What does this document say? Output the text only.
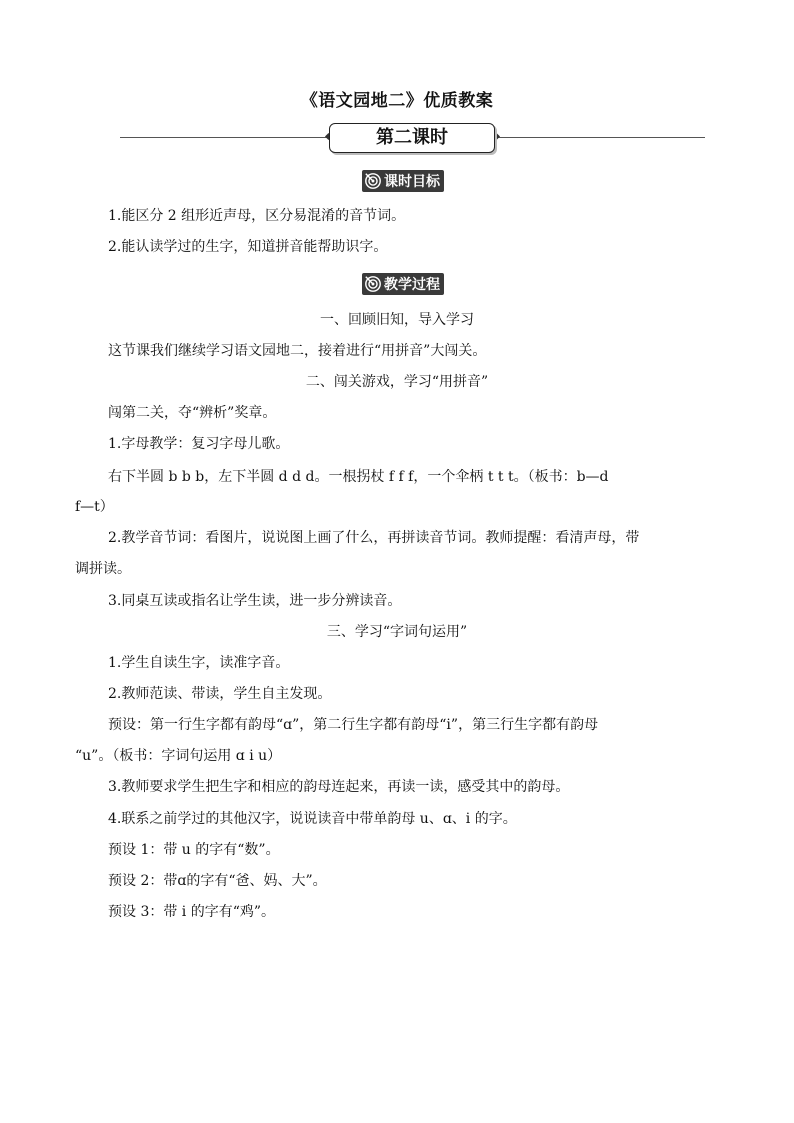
《语文园地二》优质教案
第二课时
课时目标
1.能区分 2 组形近声母，区分易混淆的音节词。
2.能认读学过的生字，知道拼音能帮助识字。
教学过程
一、回顾旧知，导入学习
这节课我们继续学习语文园地二，接着进行“用拼音”大闯关。
二、闯关游戏，学习“用拼音”
闯第二关，夺“辨析”奖章。
1.字母教学：复习字母儿歌。
右下半圆 b b b，左下半圆 d d d。一根拐杖 f f f，一个伞柄 t t t。（板书：b—d
f—t）
2.教学音节词：看图片，说说图上画了什么，再拼读音节词。教师提醒：看清声母，带
调拼读。
3.同桌互读或指名让学生读，进一步分辨读音。
三、学习“字词句运用”
1.学生自读生字，读准字音。
2.教师范读、带读，学生自主发现。
预设：第一行生字都有韵母“ɑ”，第二行生字都有韵母“i”，第三行生字都有韵母
“u”。（板书：字词句运用 ɑ i u）
3.教师要求学生把生字和相应的韵母连起来，再读一读，感受其中的韵母。
4.联系之前学过的其他汉字，说说读音中带单韵母 u、ɑ、i 的字。
预设 1：带 u 的字有“数”。
预设 2：带ɑ的字有“爸、妈、大”。
预设 3：带 i 的字有“鸡”。
